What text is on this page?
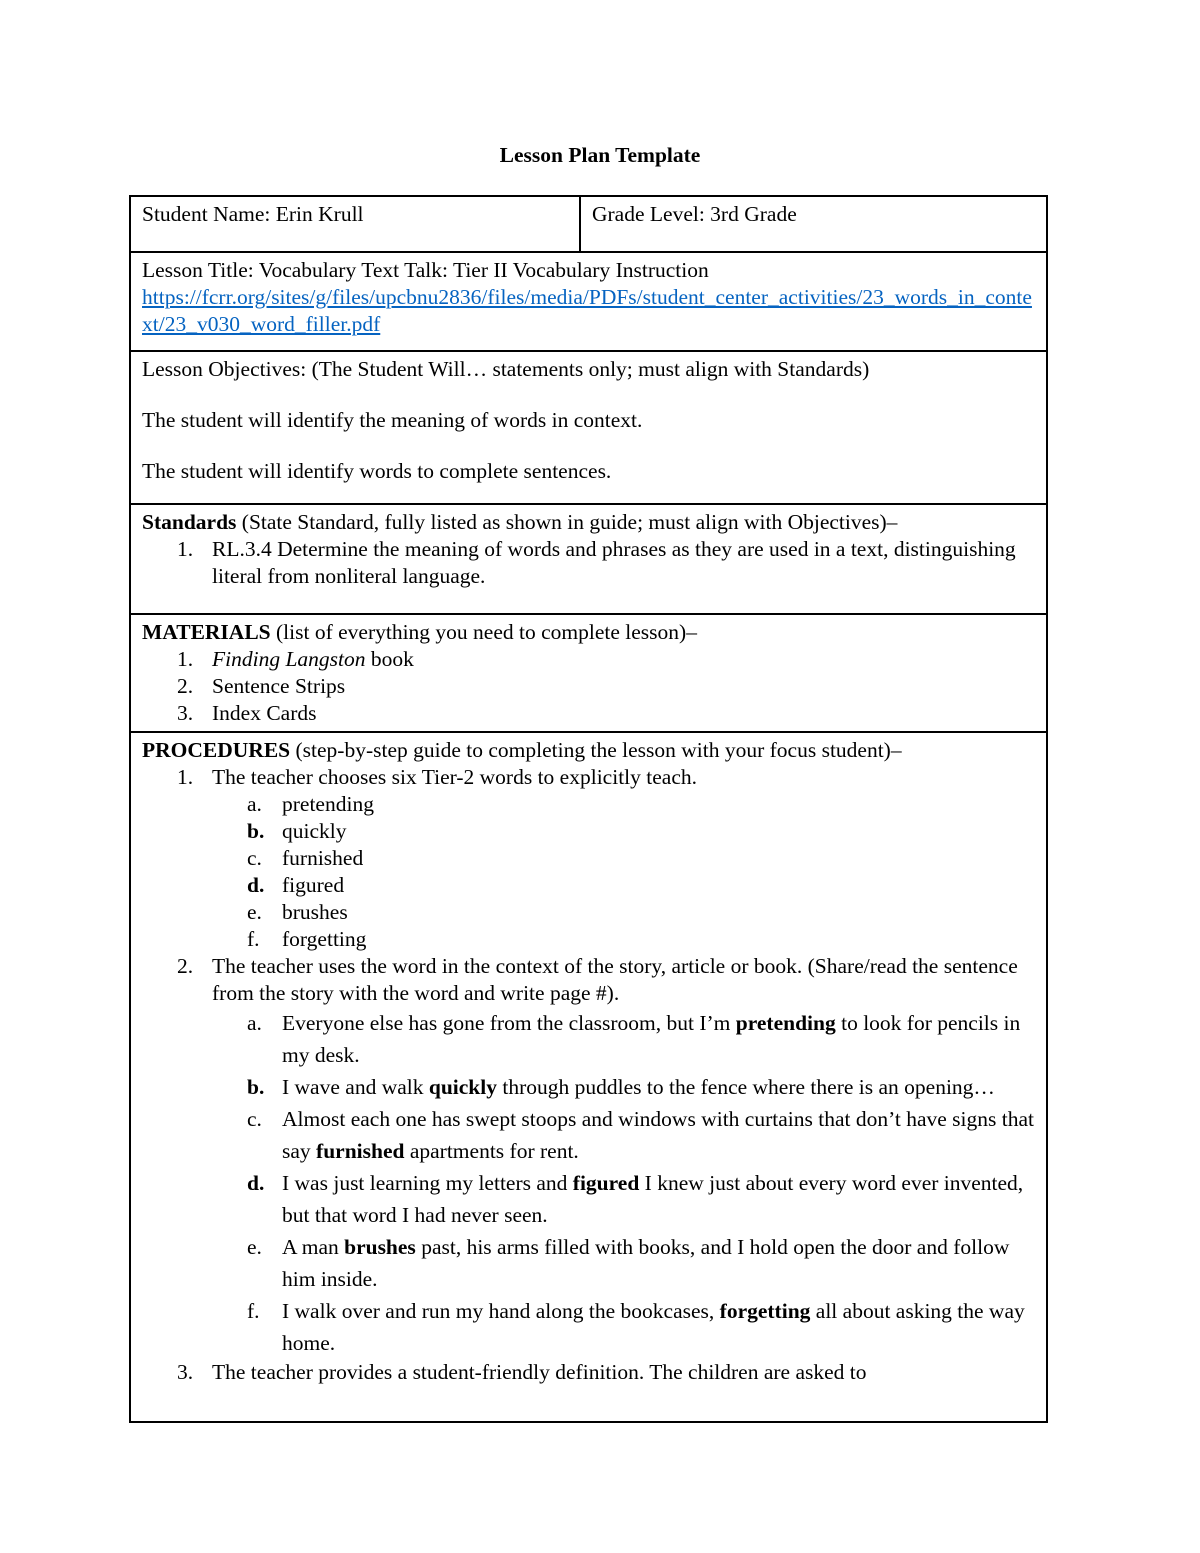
Lesson Plan Template
Student Name: Erin Krull	Grade Level: 3rd Grade

Lesson Title: Vocabulary Text Talk: Tier II Vocabulary Instruction
https://fcrr.org/sites/g/files/upcbnu2836/files/media/PDFs/student_center_activities/23_words_in_context/23_v030_word_filler.pdf

Lesson Objectives: (The Student Will… statements only; must align with Standards)

The student will identify the meaning of words in context.

The student will identify words to complete sentences.

Standards (State Standard, fully listed as shown in guide; must align with Objectives)–

1. RL.3.4 Determine the meaning of words and phrases as they are used in a text, distinguishing literal from nonliteral language.

MATERIALS (list of everything you need to complete lesson)–

1. Finding Langston book
2. Sentence Strips
3. Index Cards

PROCEDURES (step-by-step guide to completing the lesson with your focus student)–

1. The teacher chooses six Tier-2 words to explicitly teach.
a. pretending
b. quickly
c. furnished
d. figured
e. brushes
f. forgetting
2. The teacher uses the word in the context of the story, article or book. (Share/read the sentence from the story with the word and write page #).
a. Everyone else has gone from the classroom, but I’m pretending to look for pencils in my desk.
b. I wave and walk quickly through puddles to the fence where there is an opening…
c. Almost each one has swept stoops and windows with curtains that don’t have signs that say furnished apartments for rent.
d. I was just learning my letters and figured I knew just about every word ever invented, but that word I had never seen.
e. A man brushes past, his arms filled with books, and I hold open the door and follow him inside.
f. I walk over and run my hand along the bookcases, forgetting all about asking the way home.
3. The teacher provides a student-friendly definition. The children are asked to
